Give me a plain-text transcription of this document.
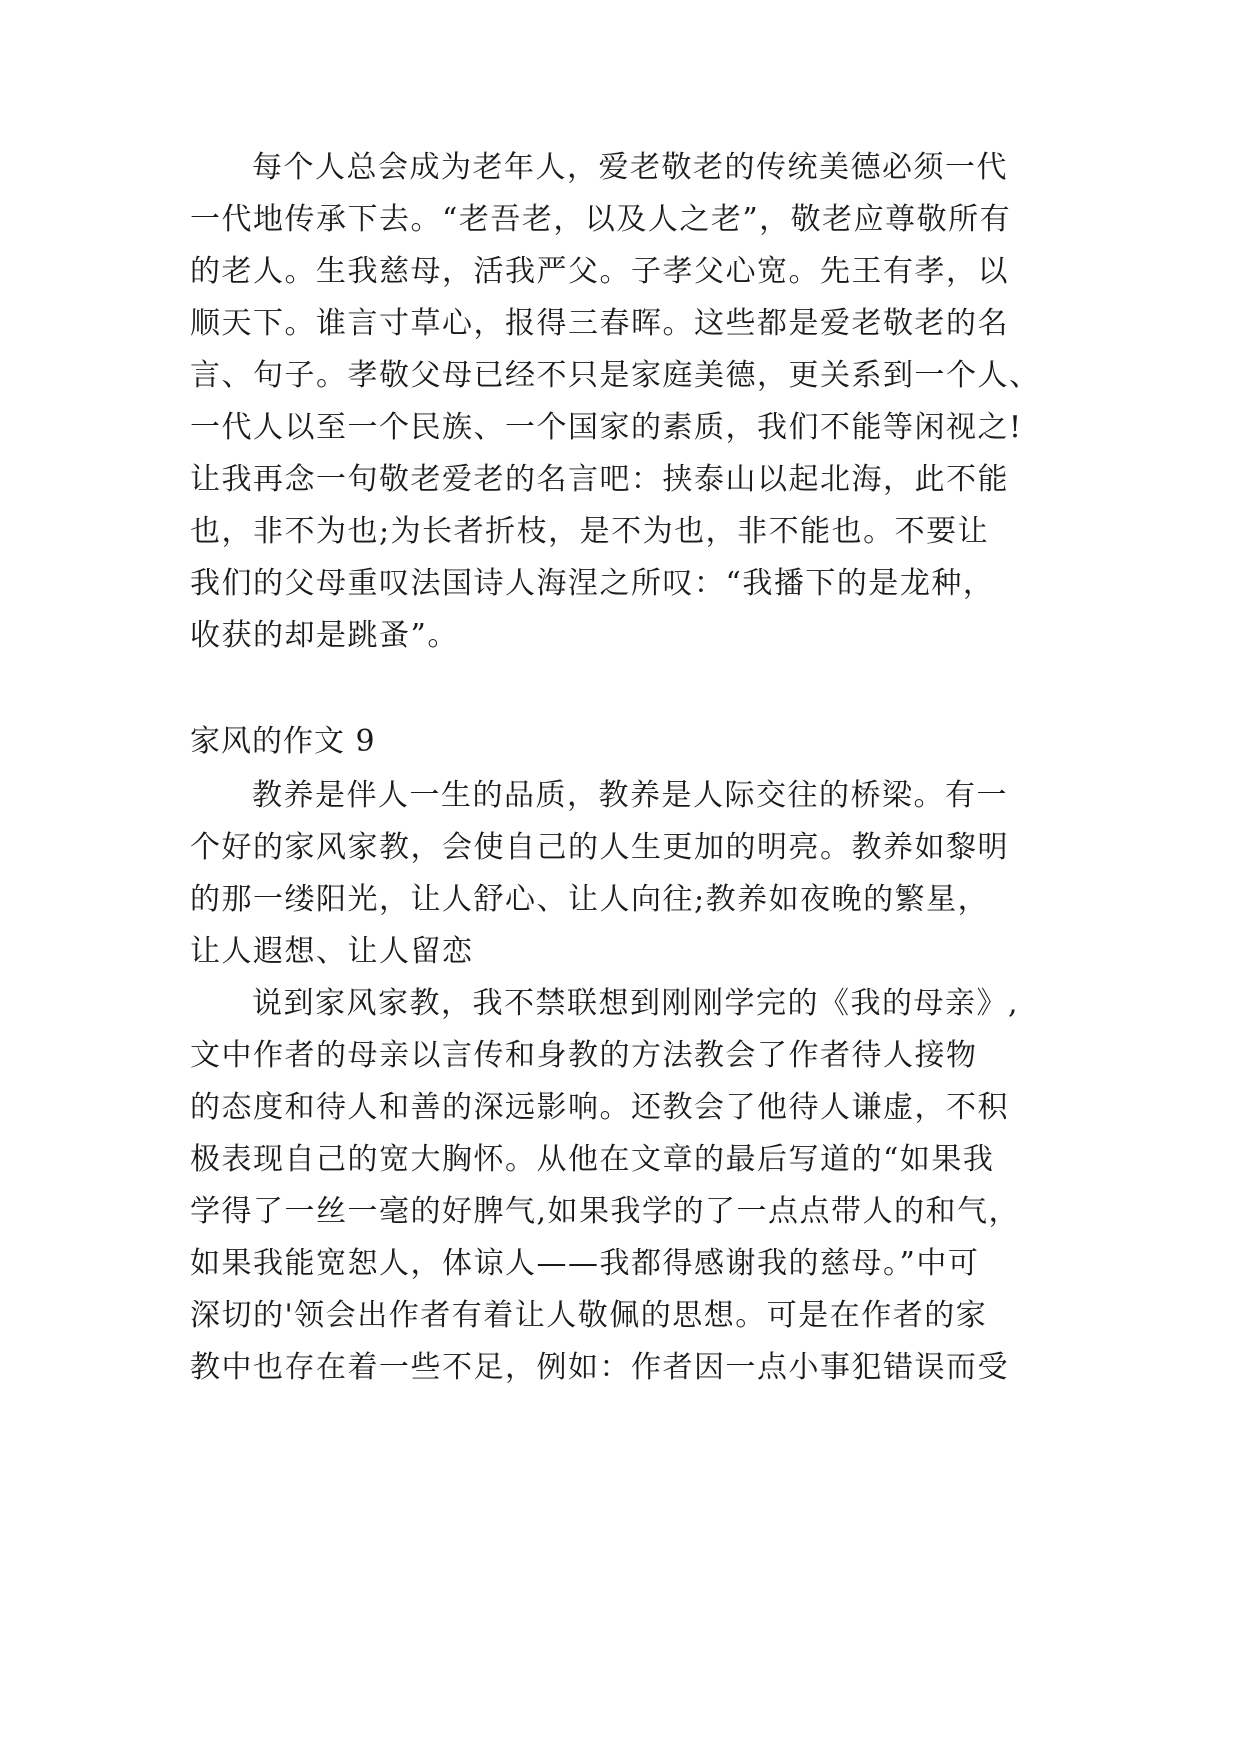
每个人总会成为老年人，爱老敬老的传统美德必须一代
一代地传承下去。“老吾老，以及人之老”，敬老应尊敬所有
的老人。生我慈母，活我严父。子孝父心宽。先王有孝，以
顺天下。谁言寸草心，报得三春晖。这些都是爱老敬老的名
言、句子。孝敬父母已经不只是家庭美德，更关系到一个人、
一代人以至一个民族、一个国家的素质，我们不能等闲视之!
让我再念一句敬老爱老的名言吧：挟泰山以起北海，此不能
也，非不为也;为长者折枝，是不为也，非不能也。不要让
我们的父母重叹法国诗人海涅之所叹：“我播下的是龙种，
收获的却是跳蚤”。
家风的作文 9
教养是伴人一生的品质，教养是人际交往的桥梁。有一
个好的家风家教，会使自己的人生更加的明亮。教养如黎明
的那一缕阳光，让人舒心、让人向往;教养如夜晚的繁星，
让人遐想、让人留恋
说到家风家教，我不禁联想到刚刚学完的《我的母亲》,
文中作者的母亲以言传和身教的方法教会了作者待人接物
的态度和待人和善的深远影响。还教会了他待人谦虚，不积
极表现自己的宽大胸怀。从他在文章的最后写道的“如果我
学得了一丝一毫的好脾气,如果我学的了一点点带人的和气，
如果我能宽恕人，体谅人——我都得感谢我的慈母。”中可
深切的'领会出作者有着让人敬佩的思想。可是在作者的家
教中也存在着一些不足，例如：作者因一点小事犯错误而受
